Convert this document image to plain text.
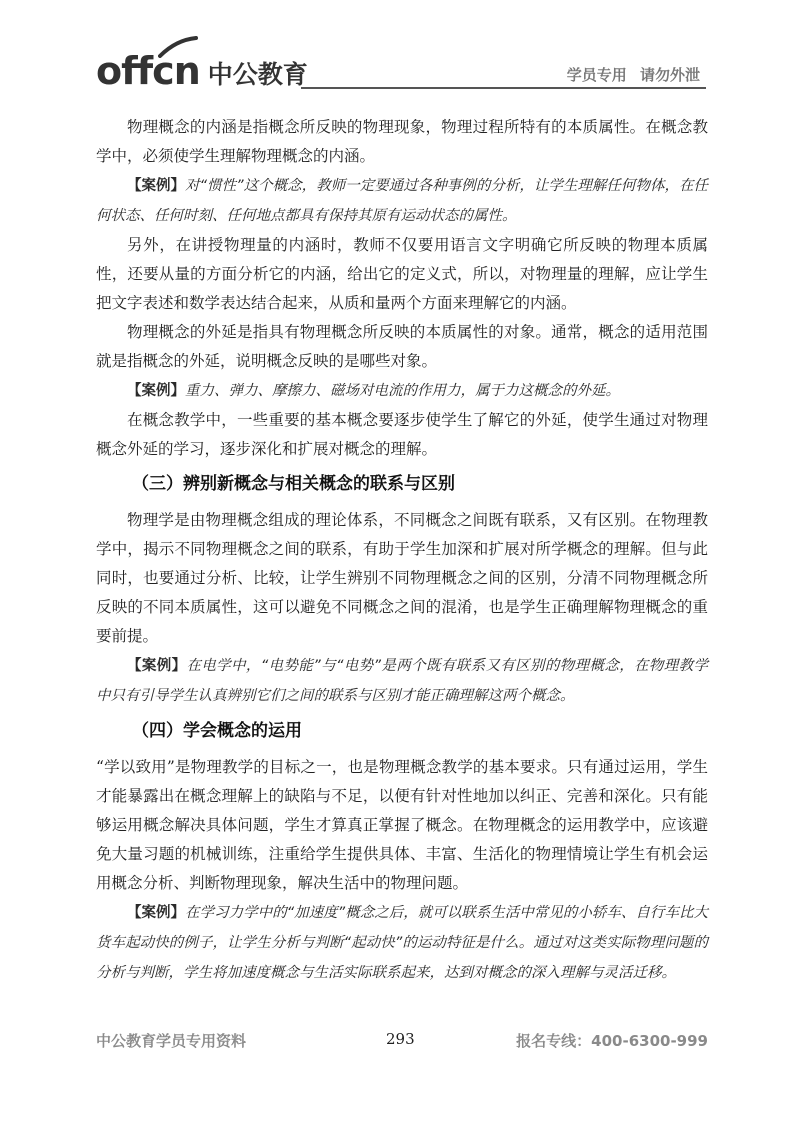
offcn 中公教育	学员专用 请勿外泄

物理概念的内涵是指概念所反映的物理现象，物理过程所特有的本质属性。在概念教学中，必须使学生理解物理概念的内涵。

【案例】对“惯性”这个概念，教师一定要通过各种事例的分析，让学生理解任何物体，在任何状态、任何时刻、任何地点都具有保持其原有运动状态的属性。

另外，在讲授物理量的内涵时，教师不仅要用语言文字明确它所反映的物理本质属性，还要从量的方面分析它的内涵，给出它的定义式，所以，对物理量的理解，应让学生把文字表述和数学表达结合起来，从质和量两个方面来理解它的内涵。

物理概念的外延是指具有物理概念所反映的本质属性的对象。通常，概念的适用范围就是指概念的外延，说明概念反映的是哪些对象。

【案例】重力、弹力、摩擦力、磁场对电流的作用力，属于力这概念的外延。

在概念教学中，一些重要的基本概念要逐步使学生了解它的外延，使学生通过对物理概念外延的学习，逐步深化和扩展对概念的理解。

（三）辨别新概念与相关概念的联系与区别

物理学是由物理概念组成的理论体系，不同概念之间既有联系，又有区别。在物理教学中，揭示不同物理概念之间的联系，有助于学生加深和扩展对所学概念的理解。但与此同时，也要通过分析、比较，让学生辨别不同物理概念之间的区别，分清不同物理概念所反映的不同本质属性，这可以避免不同概念之间的混淆，也是学生正确理解物理概念的重要前提。

【案例】在电学中，“电势能”与“电势”是两个既有联系又有区别的物理概念，在物理教学中只有引导学生认真辨别它们之间的联系与区别才能正确理解这两个概念。

（四）学会概念的运用

“学以致用”是物理教学的目标之一，也是物理概念教学的基本要求。只有通过运用，学生才能暴露出在概念理解上的缺陷与不足，以便有针对性地加以纠正、完善和深化。只有能够运用概念解决具体问题，学生才算真正掌握了概念。在物理概念的运用教学中，应该避免大量习题的机械训练，注重给学生提供具体、丰富、生活化的物理情境让学生有机会运用概念分析、判断物理现象，解决生活中的物理问题。

【案例】在学习力学中的“加速度”概念之后，就可以联系生活中常见的小轿车、自行车比大货车起动快的例子，让学生分析与判断“起动快”的运动特征是什么。通过对这类实际物理问题的分析与判断，学生将加速度概念与生活实际联系起来，达到对概念的深入理解与灵活迁移。

中公教育学员专用资料	293	报名专线：400-6300-999
